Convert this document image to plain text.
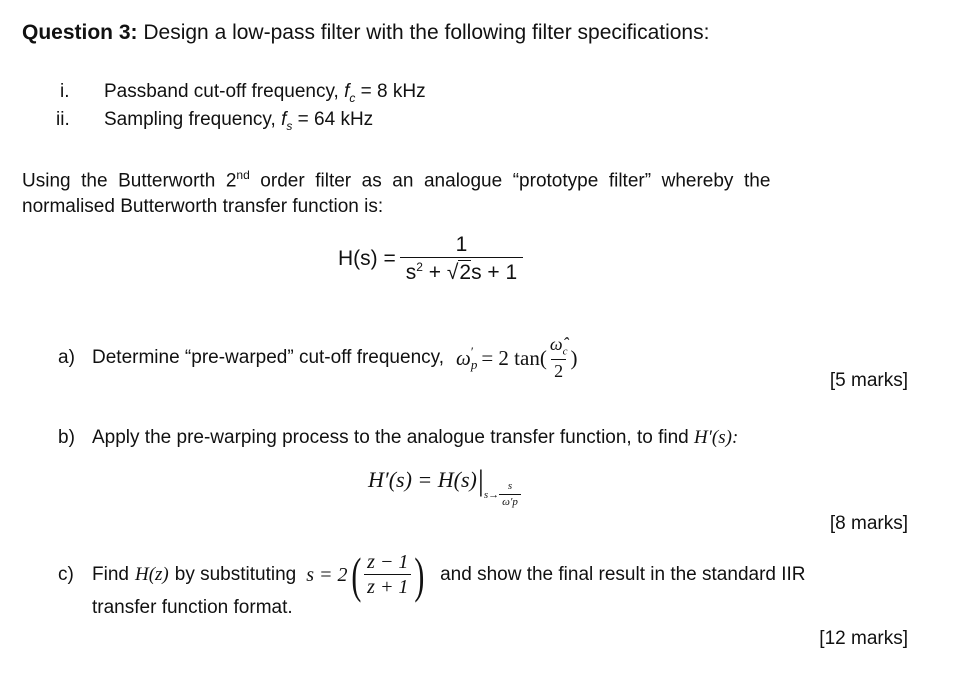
Question 3: Design a low-pass filter with the following filter specifications:
i. Passband cut-off frequency, $f_c = 8$ kHz
ii. Sampling frequency, $f_s = 64$ kHz
Using  the  Butterworth  2nd  order  filter  as  an  analogue  “prototype  filter”  whereby  the
normalised Butterworth transfer function is:
$H(s) = \frac{1}{s^2 + √2s + 1}$
a) Determine “pre-warped” cut-off frequency, ω ′
p = 2 $\tan( \frac{\omegâ_c}{2}$ )
[5 marks]
b) Apply the pre-warping process to the analogue transfer function, to find H′(s):
H′(s) = H(s) | $s\to \frac{s}{\omega'p}$
[8 marks]
c) Find H(z) by substituting s = 2 ( $\frac{z - 1}{z + 1}$ ) and show the final result in the standard IIR
transfer function format.
[12 marks]
